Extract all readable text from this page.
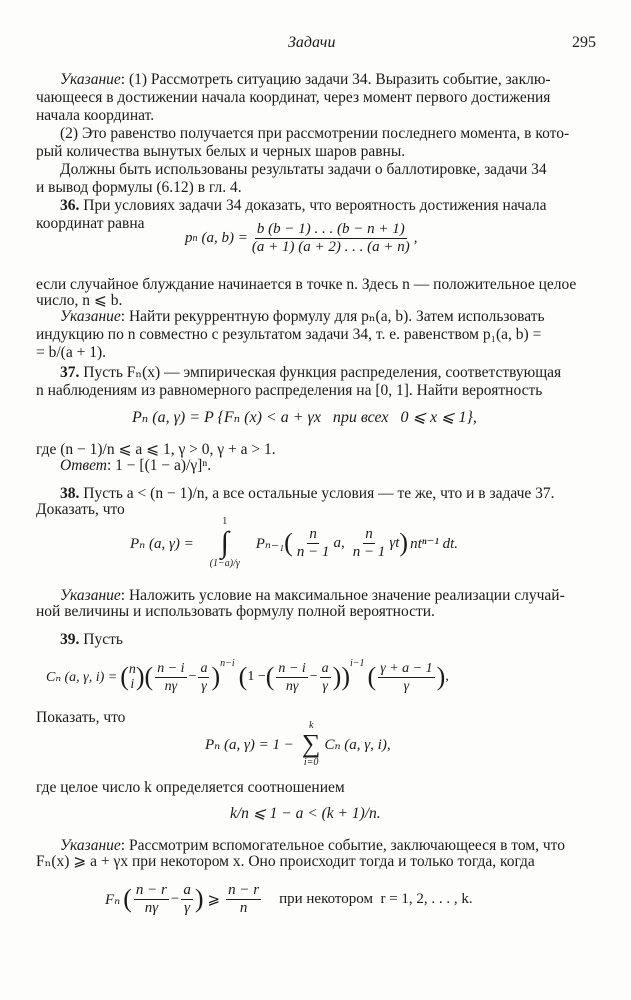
Задачи	295
Указание: (1) Рассмотреть ситуацию задачи 34. Выразить событие, заклю-
чающееся в достижении начала координат, через момент первого достижения
начала координат.
(2) Это равенство получается при рассмотрении последнего момента, в кото-
рый количества вынутых белых и черных шаров равны.
Должны быть использованы результаты задачи о баллотировке, задачи 34
и вывод формулы (6.12) в гл. 4.
36. При условиях задачи 34 доказать, что вероятность достижения начала
координат равна
p n (a, $b) = \frac{b (b - 1) . . . (b - n + 1)}{(a + 1) (a + 2) . . . (a + n)}$ ,
если случайное блуждание начинается в точке n. Здесь n — положительное целое
число, n ⩽ b.
Указание: Найти рекуррентную формулу для pₙ(a, b). Затем использовать
индукцию по n совместно с результатом задачи 34, т. е. равенством p₁(a, b) =
= b/(a + 1).
37. Пусть Fₙ(x) — эмпирическая функция распределения, соответствующая
n наблюдениям из равномерного распределения на [0, 1]. Найти вероятность
Pₙ (a, γ) = P {Fₙ (x) < a + γx   при всех   0 ⩽ x ⩽ 1},
где (n − 1)/n ⩽ a ⩽ 1, γ > 0, γ + a > 1.
Ответ: 1 − [(1 − a)/γ]ⁿ.
38. Пусть a < (n − 1)/n, а все остальные условия — те же, что и в задаче 37.
Доказать, что
Pₙ (a, γ) =
1
∫
(1−a)/γ
Pₙ₋₁ ( $\frac{n}{n - 1} a$, $\frac{n}{n - 1}$ γt ) ntⁿ⁻¹ dt.
Указание: Наложить условие на максимальное значение реализации случай-
ной величины и использовать формулу полной вероятности.
39. Пусть
Cₙ (a, γ, i) = ( n
i ) ( $\frac{n - i}{n\gamma} - \frac{a}{\gamma} )^{n-i}$ ( 1 − ( $\frac{n - i}{n\gamma} - \frac{a}{\gamma}$ ) )$^{i-1}$ ( $\frac{\gamma + a - 1}{\gamma}$ ) ,
Показать, что
Pₙ (a, γ) = 1 −
k
∑
i=0
Cₙ (a, γ, i),
где целое число k определяется соотношением
k/n ⩽ 1 − a < (k + 1)/n.
Указание: Рассмотрим вспомогательное событие, заключающееся в том, что
Fₙ(x) ⩾ a + γx при некотором x. Оно происходит тогда и только тогда, когда
Fₙ ( $\frac{n - r}{n\gamma} - \frac{a}{\gamma}$ ) ⩾ $\frac{n - r}{n}$ при некотором  r = 1, 2, . . . , k.
